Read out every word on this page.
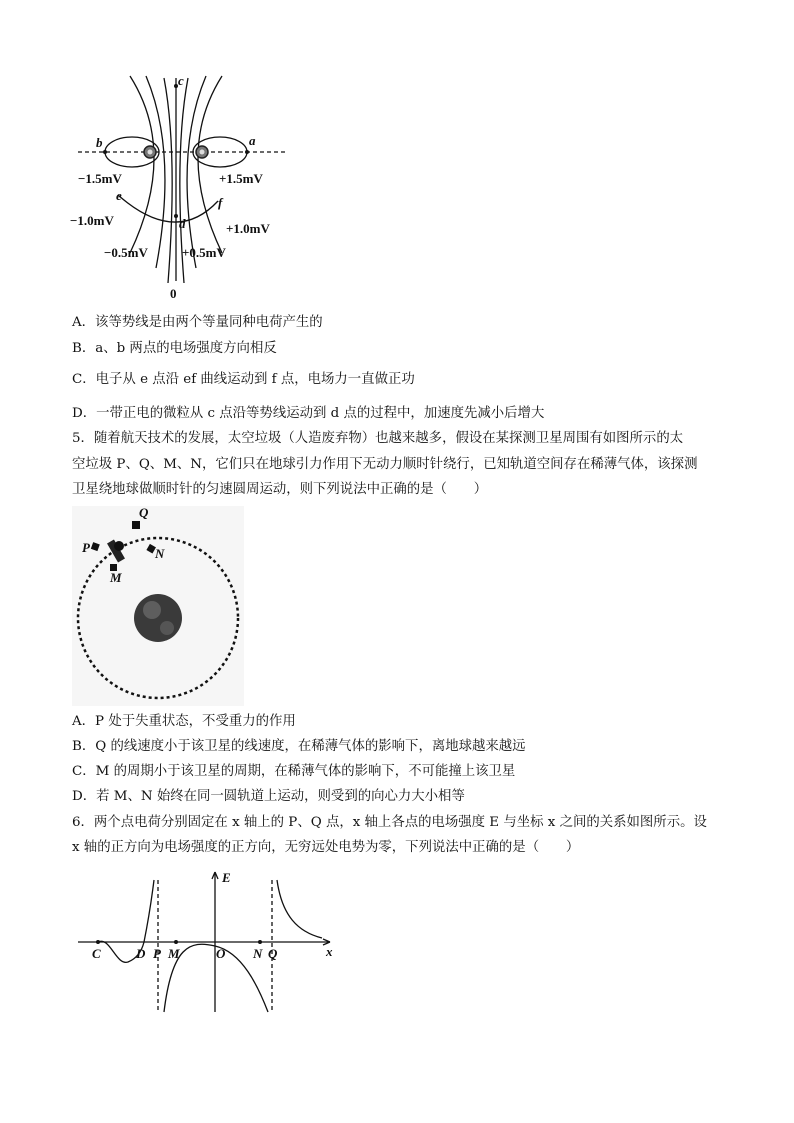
c
b	a
−1.5mV	+1.5mV
e	f
−1.0mV
+1.0mV
d
−0.5mV	+0.5mV
0
A．该等势线是由两个等量同种电荷产生的
B．a、b 两点的电场强度方向相反
C．电子从 e 点沿 ef 曲线运动到 f 点，电场力一直做正功
D．一带正电的微粒从 c 点沿等势线运动到 d 点的过程中，加速度先减小后增大
5．随着航天技术的发展，太空垃圾（人造废弃物）也越来越多，假设在某探测卫星周围有如图所示的太
空垃圾 P、Q、M、N，它们只在地球引力作用下无动力顺时针绕行，已知轨道空间存在稀薄气体，该探测
卫星绕地球做顺时针的匀速圆周运动，则下列说法中正确的是（　　）
Q
P	N
M
A．P 处于失重状态，不受重力的作用
B．Q 的线速度小于该卫星的线速度，在稀薄气体的影响下，离地球越来越远
C．M 的周期小于该卫星的周期，在稀薄气体的影响下，不可能撞上该卫星
D．若 M、N 始终在同一圆轨道上运动，则受到的向心力大小相等
6．两个点电荷分别固定在 x 轴上的 P、Q 点，x 轴上各点的电场强度 E 与坐标 x 之间的关系如图所示。设
x 轴的正方向为电场强度的正方向，无穷远处电势为零，下列说法中正确的是（　　）
E
x
C	D P M	O N Q
